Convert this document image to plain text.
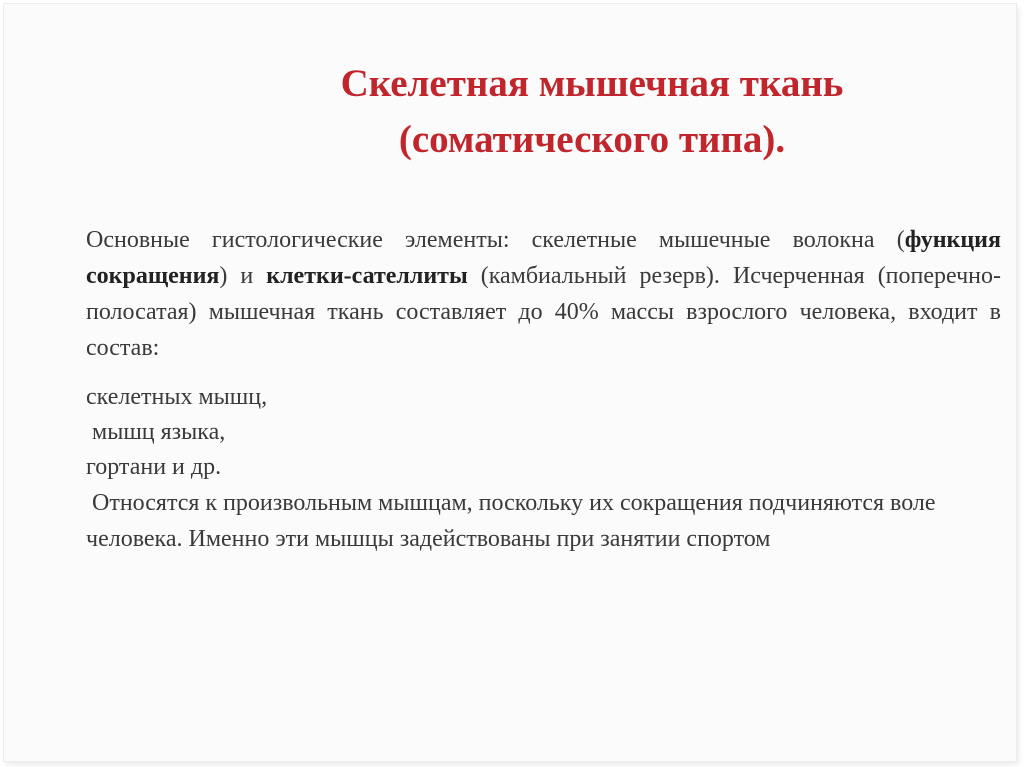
Скелетная мышечная ткань
(соматического типа).

Основные гистологические элементы: скелетные мышечные волокна (функция сокращения) и клетки-сателлиты (камбиальный резерв). Исчерченная (поперечно-полосатая) мышечная ткань составляет до 40% массы взрослого человека, входит в состав:

скелетных мышц,
мышц языка,
гортани и др.

Относятся к произвольным мышцам, поскольку их сокращения подчиняются воле человека. Именно эти мышцы задействованы при занятии спортом
